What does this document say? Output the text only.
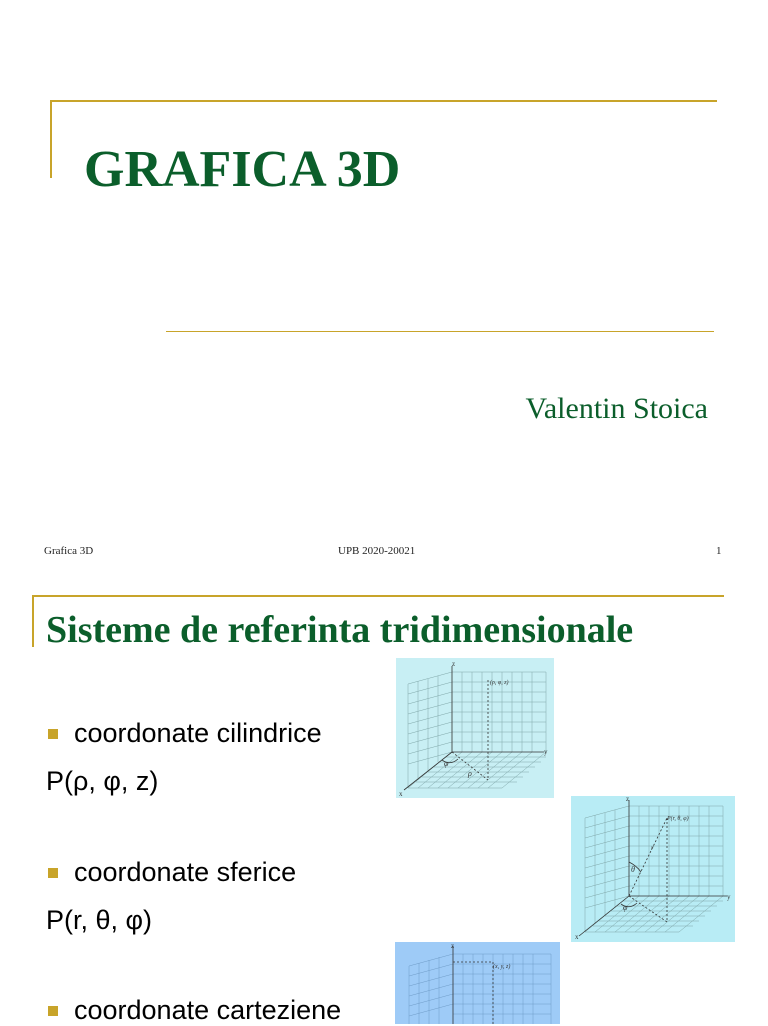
GRAFICA 3D
Valentin Stoica
Grafica 3D	UPB 2020-20021	1
Sisteme de referinta tridimensionale
coordonate cilindrice
P(ρ, φ, z)
coordonate sferice
P(r, θ, φ)
coordonate carteziene
z
y
x
(ρ, φ, z)
φ
ρ
z
y
x
P(r, θ, φ)
θ
φ
r
z
(x, y, z)
